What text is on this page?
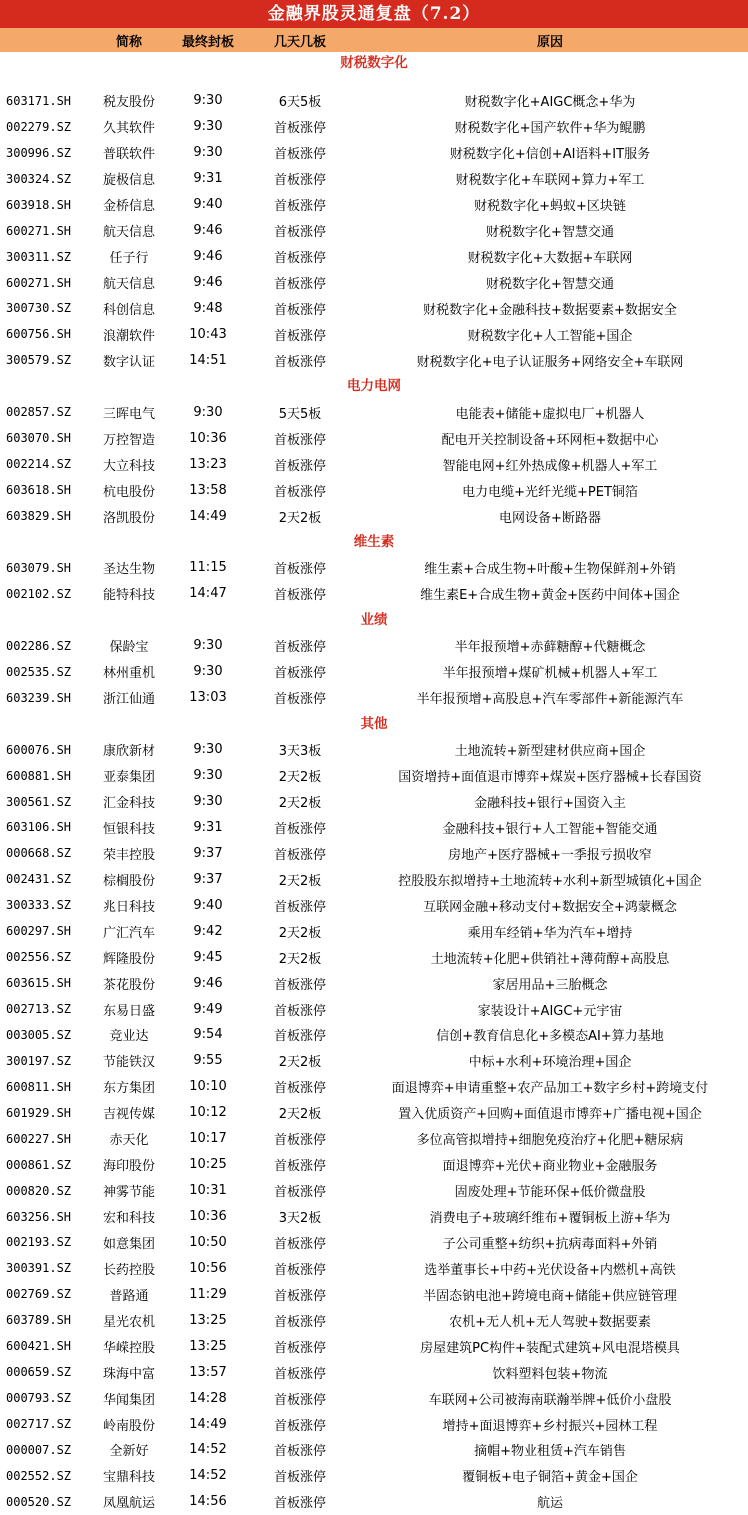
金融界股灵通复盘（7.2）
简称	最终封板	几天几板	原因
财税数字化
603171.SH	税友股份	9:30	6天5板	财税数字化+AIGC概念+华为
002279.SZ	久其软件	9:30	首板涨停	财税数字化+国产软件+华为鲲鹏
300996.SZ	普联软件	9:30	首板涨停	财税数字化+信创+AI语料+IT服务
300324.SZ	旋极信息	9:31	首板涨停	财税数字化+车联网+算力+军工
603918.SH	金桥信息	9:40	首板涨停	财税数字化+蚂蚁+区块链
600271.SH	航天信息	9:46	首板涨停	财税数字化+智慧交通
300311.SZ	任子行	9:46	首板涨停	财税数字化+大数据+车联网
600271.SH	航天信息	9:46	首板涨停	财税数字化+智慧交通
300730.SZ	科创信息	9:48	首板涨停	财税数字化+金融科技+数据要素+数据安全
600756.SH	浪潮软件	10:43	首板涨停	财税数字化+人工智能+国企
300579.SZ	数字认证	14:51	首板涨停	财税数字化+电子认证服务+网络安全+车联网
电力电网
002857.SZ	三晖电气	9:30	5天5板	电能表+储能+虚拟电厂+机器人
603070.SH	万控智造	10:36	首板涨停	配电开关控制设备+环网柜+数据中心
002214.SZ	大立科技	13:23	首板涨停	智能电网+红外热成像+机器人+军工
603618.SH	杭电股份	13:58	首板涨停	电力电缆+光纤光缆+PET铜箔
603829.SH	洛凯股份	14:49	2天2板	电网设备+断路器
维生素
603079.SH	圣达生物	11:15	首板涨停	维生素+合成生物+叶酸+生物保鲜剂+外销
002102.SZ	能特科技	14:47	首板涨停	维生素E+合成生物+黄金+医药中间体+国企
业绩
002286.SZ	保龄宝	9:30	首板涨停	半年报预增+赤藓糖醇+代糖概念
002535.SZ	林州重机	9:30	首板涨停	半年报预增+煤矿机械+机器人+军工
603239.SH	浙江仙通	13:03	首板涨停	半年报预增+高股息+汽车零部件+新能源汽车
其他
600076.SH	康欣新材	9:30	3天3板	土地流转+新型建材供应商+国企
600881.SH	亚泰集团	9:30	2天2板	国资增持+面值退市博弈+煤炭+医疗器械+长春国资
300561.SZ	汇金科技	9:30	2天2板	金融科技+银行+国资入主
603106.SH	恒银科技	9:31	首板涨停	金融科技+银行+人工智能+智能交通
000668.SZ	荣丰控股	9:37	首板涨停	房地产+医疗器械+一季报亏损收窄
002431.SZ	棕榈股份	9:37	2天2板	控股股东拟增持+土地流转+水利+新型城镇化+国企
300333.SZ	兆日科技	9:40	首板涨停	互联网金融+移动支付+数据安全+鸿蒙概念
600297.SH	广汇汽车	9:42	2天2板	乘用车经销+华为汽车+增持
002556.SZ	辉隆股份	9:45	2天2板	土地流转+化肥+供销社+薄荷醇+高股息
603615.SH	茶花股份	9:46	首板涨停	家居用品+三胎概念
002713.SZ	东易日盛	9:49	首板涨停	家装设计+AIGC+元宇宙
003005.SZ	竞业达	9:54	首板涨停	信创+教育信息化+多模态AI+算力基地
300197.SZ	节能铁汉	9:55	2天2板	中标+水利+环境治理+国企
600811.SH	东方集团	10:10	首板涨停	面退博弈+申请重整+农产品加工+数字乡村+跨境支付
601929.SH	吉视传媒	10:12	2天2板	置入优质资产+回购+面值退市博弈+广播电视+国企
600227.SH	赤天化	10:17	首板涨停	多位高管拟增持+细胞免疫治疗+化肥+糖尿病
000861.SZ	海印股份	10:25	首板涨停	面退博弈+光伏+商业物业+金融服务
000820.SZ	神雾节能	10:31	首板涨停	固废处理+节能环保+低价微盘股
603256.SH	宏和科技	10:36	3天2板	消费电子+玻璃纤维布+覆铜板上游+华为
002193.SZ	如意集团	10:50	首板涨停	子公司重整+纺织+抗病毒面料+外销
300391.SZ	长药控股	10:56	首板涨停	选举董事长+中药+光伏设备+内燃机+高铁
002769.SZ	普路通	11:29	首板涨停	半固态钠电池+跨境电商+储能+供应链管理
603789.SH	星光农机	13:25	首板涨停	农机+无人机+无人驾驶+数据要素
600421.SH	华嵘控股	13:25	首板涨停	房屋建筑PC构件+装配式建筑+风电混塔模具
000659.SZ	珠海中富	13:57	首板涨停	饮料塑料包装+物流
000793.SZ	华闻集团	14:28	首板涨停	车联网+公司被海南联瀚举牌+低价小盘股
002717.SZ	岭南股份	14:49	首板涨停	增持+面退博弈+乡村振兴+园林工程
000007.SZ	全新好	14:52	首板涨停	摘帽+物业租赁+汽车销售
002552.SZ	宝鼎科技	14:52	首板涨停	覆铜板+电子铜箔+黄金+国企
000520.SZ	凤凰航运	14:56	首板涨停	航运
